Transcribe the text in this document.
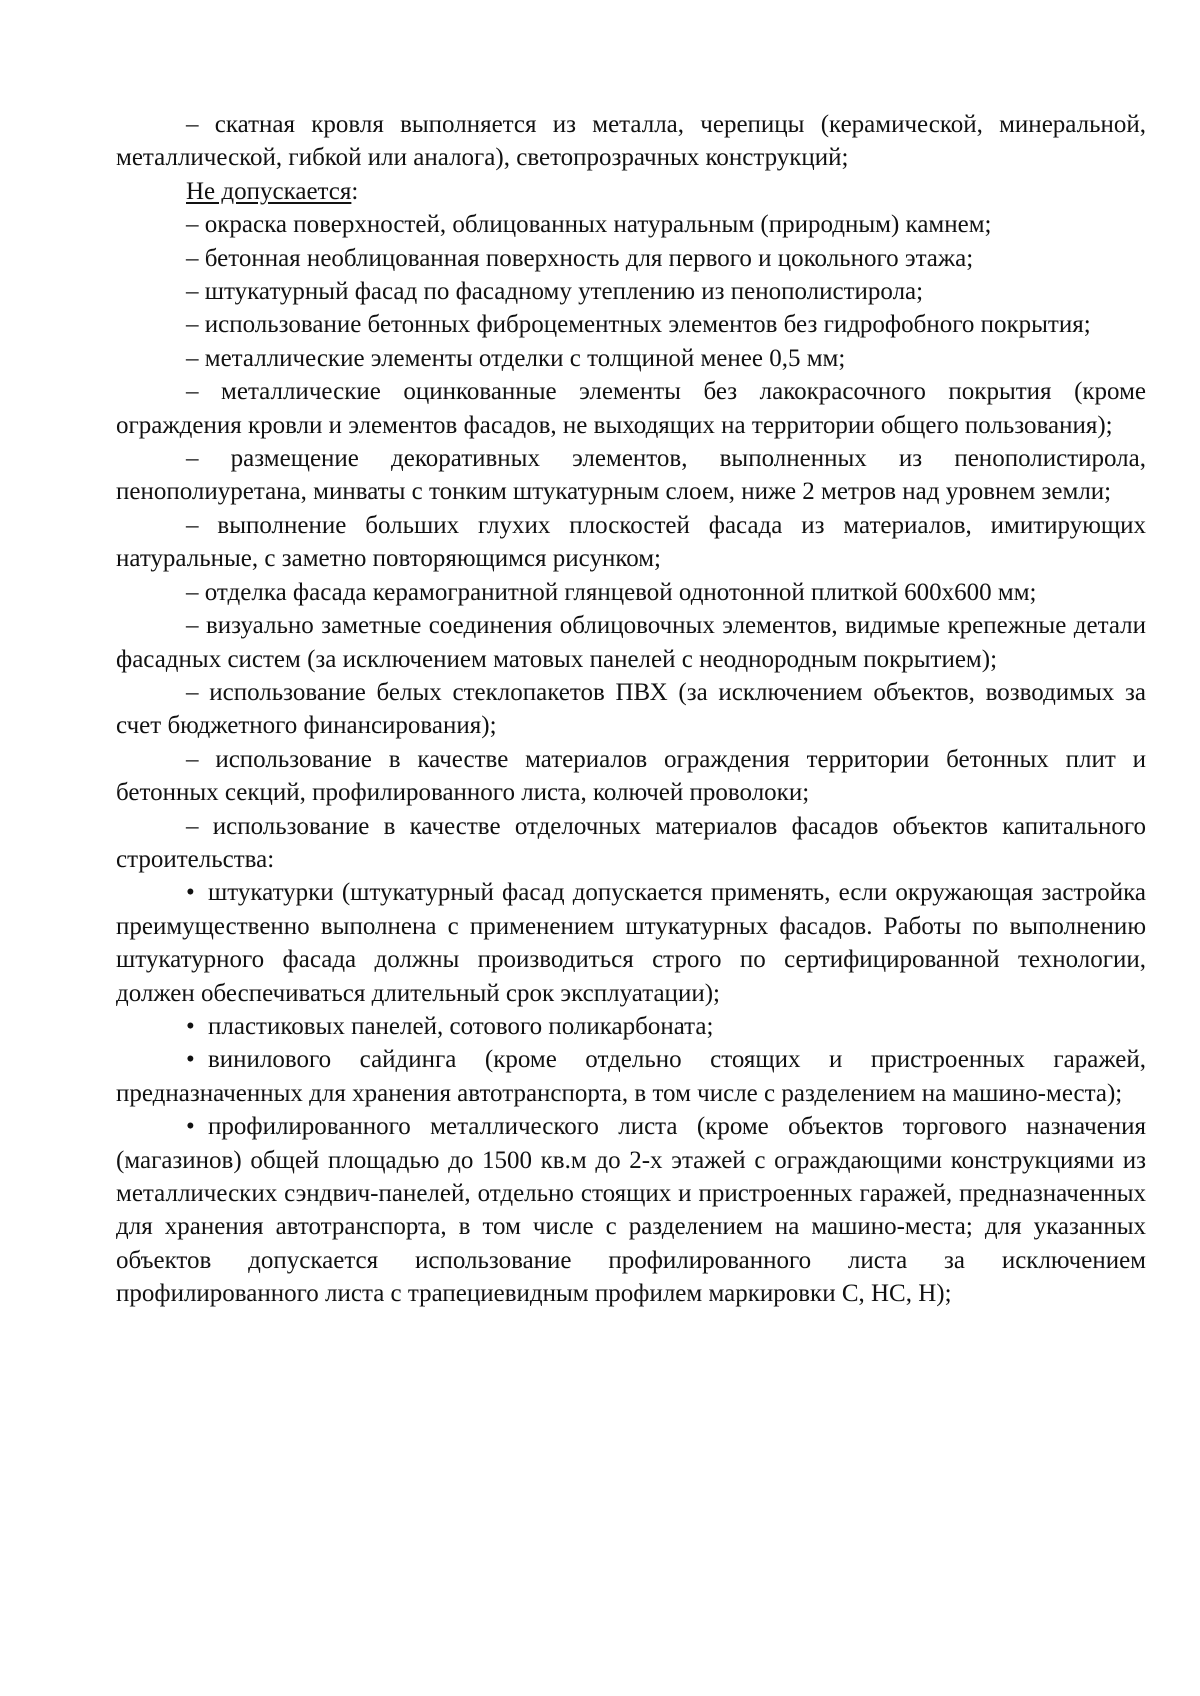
– скатная кровля выполняется из металла, черепицы (керамической, минеральной, металлической, гибкой или аналога), светопрозрачных конструкций;

Не допускается:

– окраска поверхностей, облицованных натуральным (природным) камнем;

– бетонная необлицованная поверхность для первого и цокольного этажа;

– штукатурный фасад по фасадному утеплению из пенополистирола;

– использование бетонных фиброцементных элементов без гидрофобного покрытия;

– металлические элементы отделки с толщиной менее 0,5 мм;

– металлические оцинкованные элементы без лакокрасочного покрытия (кроме ограждения кровли и элементов фасадов, не выходящих на территории общего пользования);

– размещение декоративных элементов, выполненных из пенополистирола, пенополиуретана, минваты с тонким штукатурным слоем, ниже 2 метров над уровнем земли;

– выполнение больших глухих плоскостей фасада из материалов, имитирующих натуральные, с заметно повторяющимся рисунком;

– отделка фасада керамогранитной глянцевой однотонной плиткой 600х600 мм;

– визуально заметные соединения облицовочных элементов, видимые крепежные детали фасадных систем (за исключением матовых панелей с неоднородным покрытием);

– использование белых стеклопакетов ПВХ (за исключением объектов, возводимых за счет бюджетного финансирования);

– использование в качестве материалов ограждения территории бетонных плит и бетонных секций, профилированного листа, колючей проволоки;

– использование в качестве отделочных материалов фасадов объектов капитального строительства:

• штукатурки (штукатурный фасад допускается применять, если окружающая застройка преимущественно выполнена с применением штукатурных фасадов. Работы по выполнению штукатурного фасада должны производиться строго по сертифицированной технологии, должен обеспечиваться длительный срок эксплуатации);

• пластиковых панелей, сотового поликарбоната;

• винилового сайдинга (кроме отдельно стоящих и пристроенных гаражей, предназначенных для хранения автотранспорта, в том числе с разделением на машино-места);

• профилированного металлического листа (кроме объектов торгового назначения (магазинов) общей площадью до 1500 кв.м до 2-х этажей с ограждающими конструкциями из металлических сэндвич-панелей, отдельно стоящих и пристроенных гаражей, предназначенных для хранения автотранспорта, в том числе с разделением на машино-места; для указанных объектов допускается использование профилированного листа за исключением профилированного листа с трапециевидным профилем маркировки С, НС, Н);
